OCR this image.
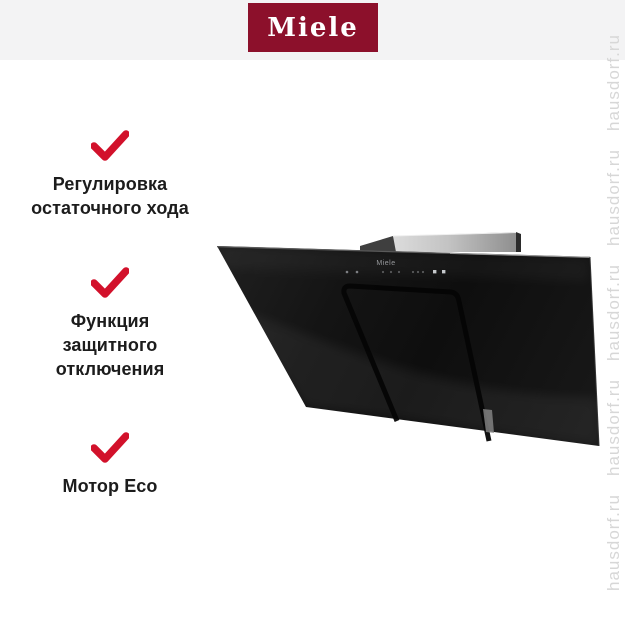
Miele
Регулировка
остаточного хода
Функция
защитного
отключения
Мотор Eco
Miele
hausdorf.ru
hausdorf.ru
hausdorf.ru
hausdorf.ru
hausdorf.ru
